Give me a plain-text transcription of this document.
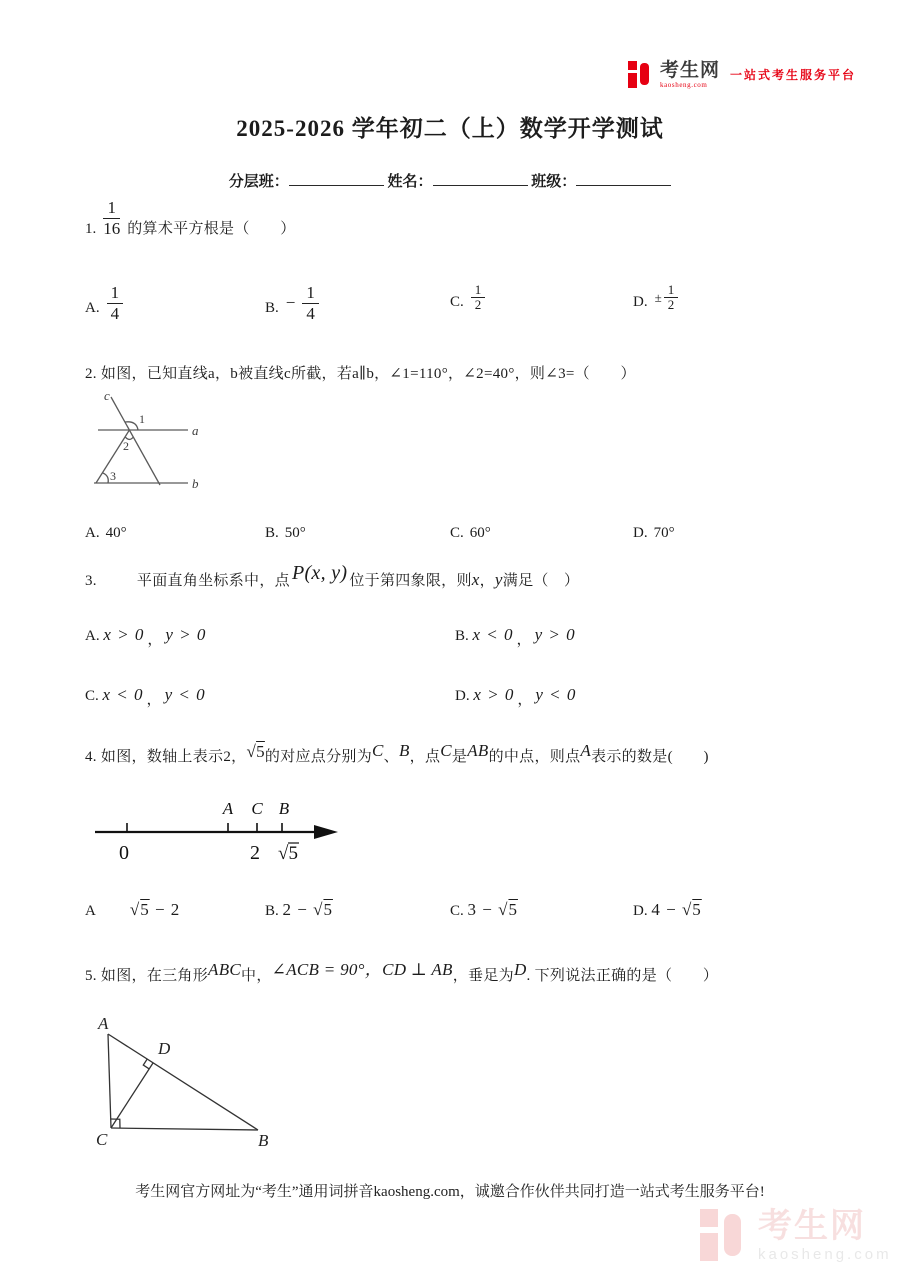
考生网
kaosheng.com
一站式考生服务平台
2025-2026 学年初二（上）数学开学测试
分层班：	姓名：	班级：
1. $\frac{1}{16}$ 的算术平方根是（　　）
A. $\frac{1}{4}$	B. − $\frac{1}{4}$	C. $\frac{1}{2}$	D. ± $\frac{1}{2}$
2. 如图，已知直线a，b被直线c所截，若a∥b，∠1=110°，∠2=40°，则∠3=（　　）
c
a
b
1
2
3
A. 40°	B. 50°	C. 60°	D. 70°
3.	平面直角坐标系中，点 P(x, y) 位于第四象限，则x，y满足（　）
A. x > 0 ， y > 0	B. x < 0 ， y > 0
C. x < 0 ， y < 0	D. x > 0 ， y < 0
4. 如图，数轴上表示2，√5的对应点分别为C、B，点C是AB的中点，则点A表示的数是(　　)
A C B
0	2 √5
A √5 − 2	B. 2 − √5	C. 3 − √5	D. 4 − √5
5. 如图，在三角形ABC中，∠ACB = 90°，CD ⊥ AB，垂足为D. 下列说法正确的是（　　）
A
D
C	B
考生网官方网址为“考生”通用词拼音kaosheng.com，诚邀合作伙伴共同打造一站式考生服务平台!
考生网
kaosheng.com
